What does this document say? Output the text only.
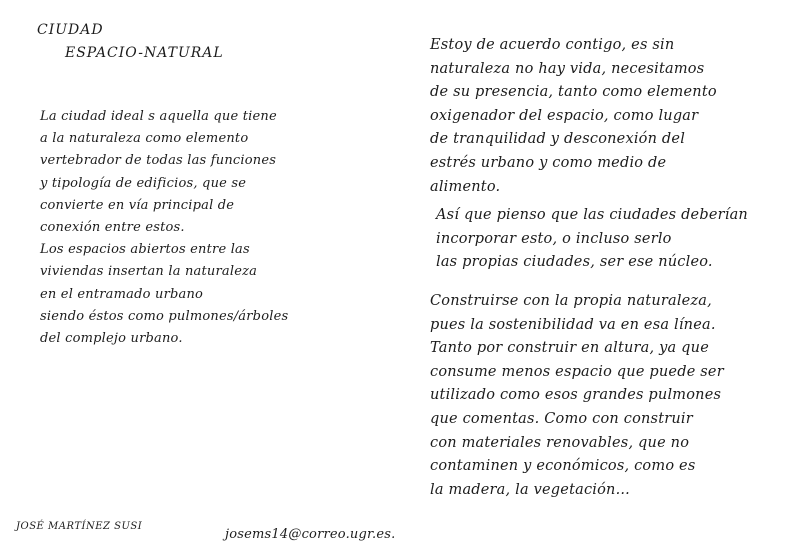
CIUDAD
ESPACIO-NATURAL
La ciudad ideal s aquella que tiene
a la naturaleza como elemento
vertebrador de todas las funciones
y tipología de edificios, que se
convierte en vía principal de
conexión entre estos.
Los espacios abiertos entre las
viviendas insertan la naturaleza
en el entramado urbano
siendo éstos como pulmones/árboles
del complejo urbano.
Estoy de acuerdo contigo, es sin
naturaleza no hay vida, necesitamos
de su presencia, tanto como elemento
oxigenador del espacio, como lugar
de tranquilidad y desconexión del
estrés urbano y como medio de
alimento.
Así que pienso que las ciudades deberían
incorporar esto, o incluso serlo
las propias ciudades, ser ese núcleo.
Construirse con la propia naturaleza,
pues la sostenibilidad va en esa línea.
Tanto por construir en altura, ya que
consume menos espacio que puede ser
utilizado como esos grandes pulmones
que comentas. Como con construir
con materiales renovables, que no
contaminen y económicos, como es
la madera, la vegetación...
JOSÉ MARTÍNEZ SUSI
josems14@correo.ugr.es.
